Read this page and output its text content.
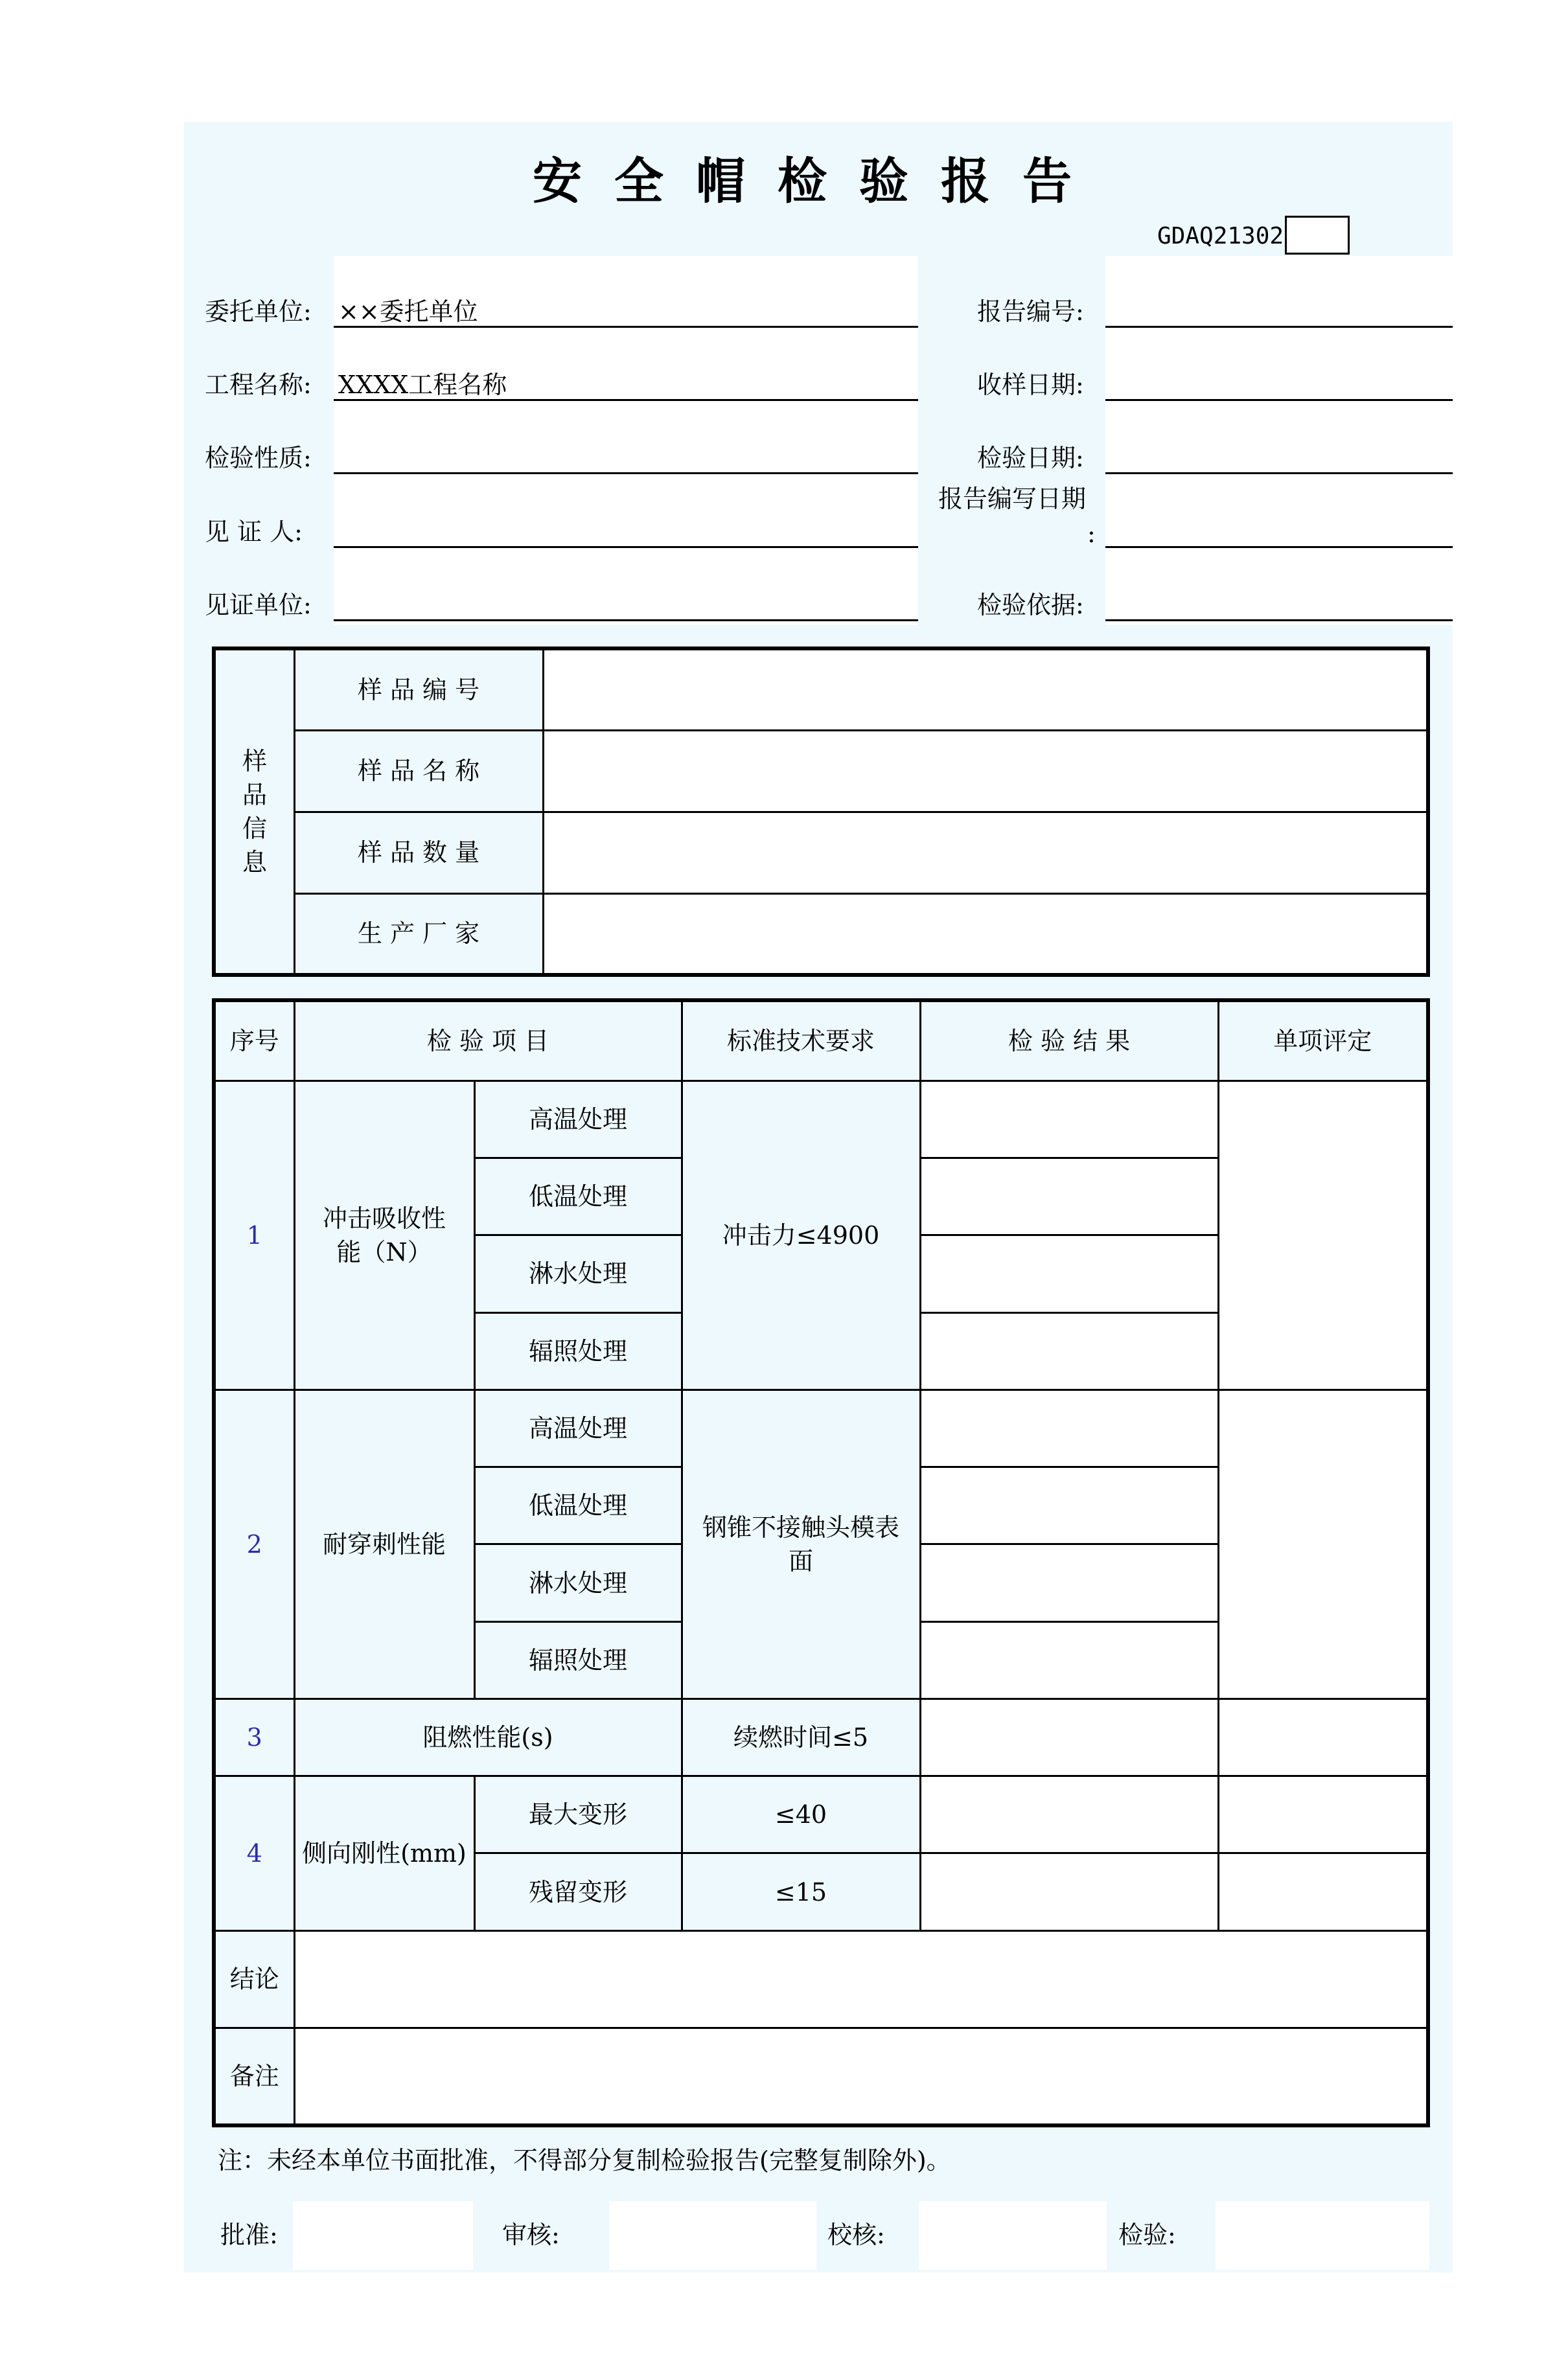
安全帽检验报告
GDAQ21302
委托单位: ××委托单位
工程名称: XXXX工程名称
检验性质:
见 证 人:
见证单位:
报告编号:
收样日期:
检验日期:
报告编写日期
:
检验依据:
样品信息	样 品 编 号	
	样 品 名 称	
	样 品 数 量	
	生 产 厂 家	
序号	检 验 项 目		标准技术要求	检 验 结 果	单项评定
1	冲击吸收性能（N）	高温处理	冲击力≤4900		
		低温处理			
		淋水处理			
		辐照处理			
2	耐穿刺性能	高温处理	钢锥不接触头模表面		
		低温处理			
		淋水处理			
		辐照处理			
3	阻燃性能(s)		续燃时间≤5		
4	侧向刚性(mm)	最大变形	≤40		
		残留变形	≤15		
结论					
备注					
注：未经本单位书面批准，不得部分复制检验报告(完整复制除外)。
批准:	审核:	校核:	检验:
